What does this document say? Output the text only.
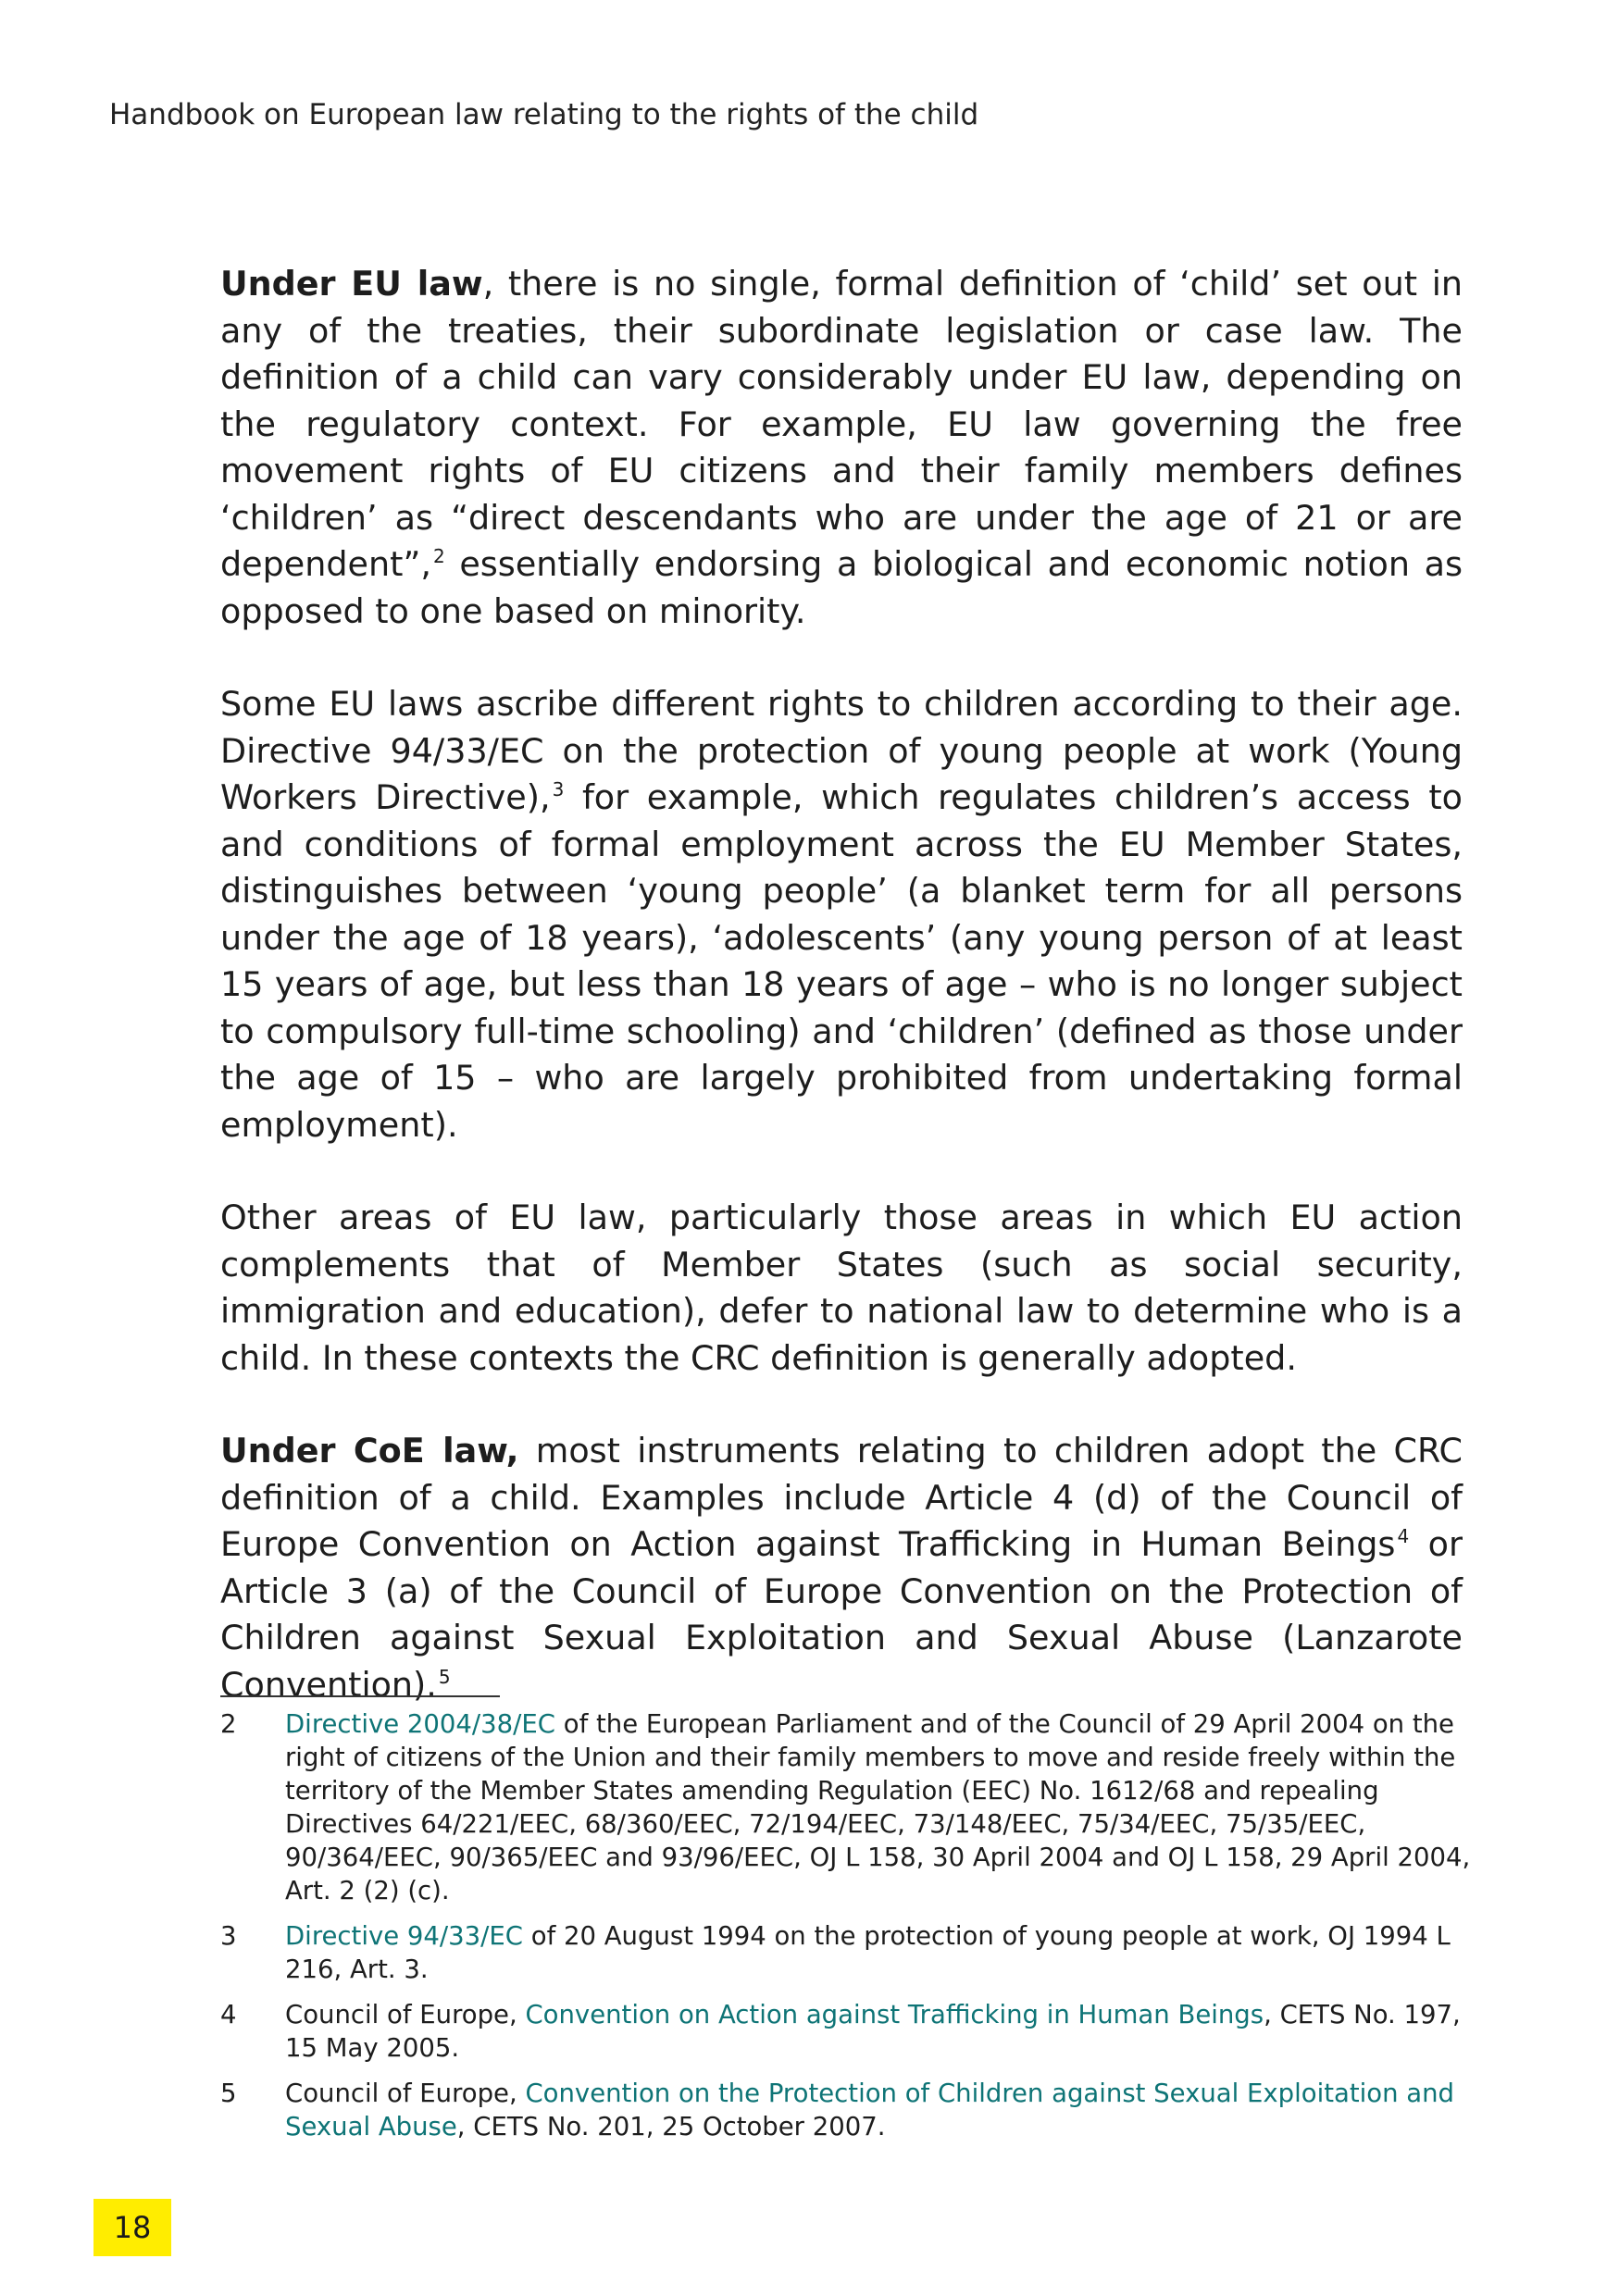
Handbook on European law relating to the rights of the child

Under EU law, there is no single, formal definition of ‘child’ set out in any of the treaties, their subordinate legislation or case law. The definition of a child can vary considerably under EU law, depending on the regulatory context. For example, EU law governing the free movement rights of EU citizens and their family members defines ‘children’ as “direct descendants who are under the age of 21 or are dependent”, $^2$ essentially endorsing a biological and economic notion as opposed to one based on minority.

Some EU laws ascribe different rights to children according to their age. Directive 94/33/EC on the protection of young people at work (Young Workers Directive), $^3$ for example, which regulates children’s access to and conditions of formal employment across the EU Member States, distinguishes between ‘young people’ (a blanket term for all persons under the age of 18 years), ‘adolescents’ (any young person of at least 15 years of age, but less than 18 years of age – who is no longer subject to compulsory full-time schooling) and ‘children’ (defined as those under the age of 15 – who are largely prohibited from undertaking formal employment).

Other areas of EU law, particularly those areas in which EU action complements that of Member States (such as social security, immigration and education), defer to national law to determine who is a child. In these contexts the CRC definition is generally adopted.

Under CoE law, most instruments relating to children adopt the CRC definition of a child. Examples include Article 4 (d) of the Council of Europe Convention on Action against Trafficking in Human Beings $^4$ or Article 3 (a) of the Council of Europe Convention on the Protection of Children against Sexual Exploitation and Sexual Abuse (Lanzarote Convention). $^5$

2 Directive 2004/38/EC of the European Parliament and of the Council of 29 April 2004 on the right of citizens of the Union and their family members to move and reside freely within the territory of the Member States amending Regulation (EEC) No. 1612/68 and repealing Directives 64/221/EEC, 68/360/EEC, 72/194/EEC, 73/148/EEC, 75/34/EEC, 75/35/EEC, 90/364/EEC, 90/365/EEC and 93/96/EEC, OJ L 158, 30 April 2004 and OJ L 158, 29 April 2004, Art. 2 (2) (c).
3 Directive 94/33/EC of 20 August 1994 on the protection of young people at work, OJ 1994 L 216, Art. 3.
4 Council of Europe, Convention on Action against Trafficking in Human Beings, CETS No. 197, 15 May 2005.
5 Council of Europe, Convention on the Protection of Children against Sexual Exploitation and Sexual Abuse, CETS No. 201, 25 October 2007.
18
